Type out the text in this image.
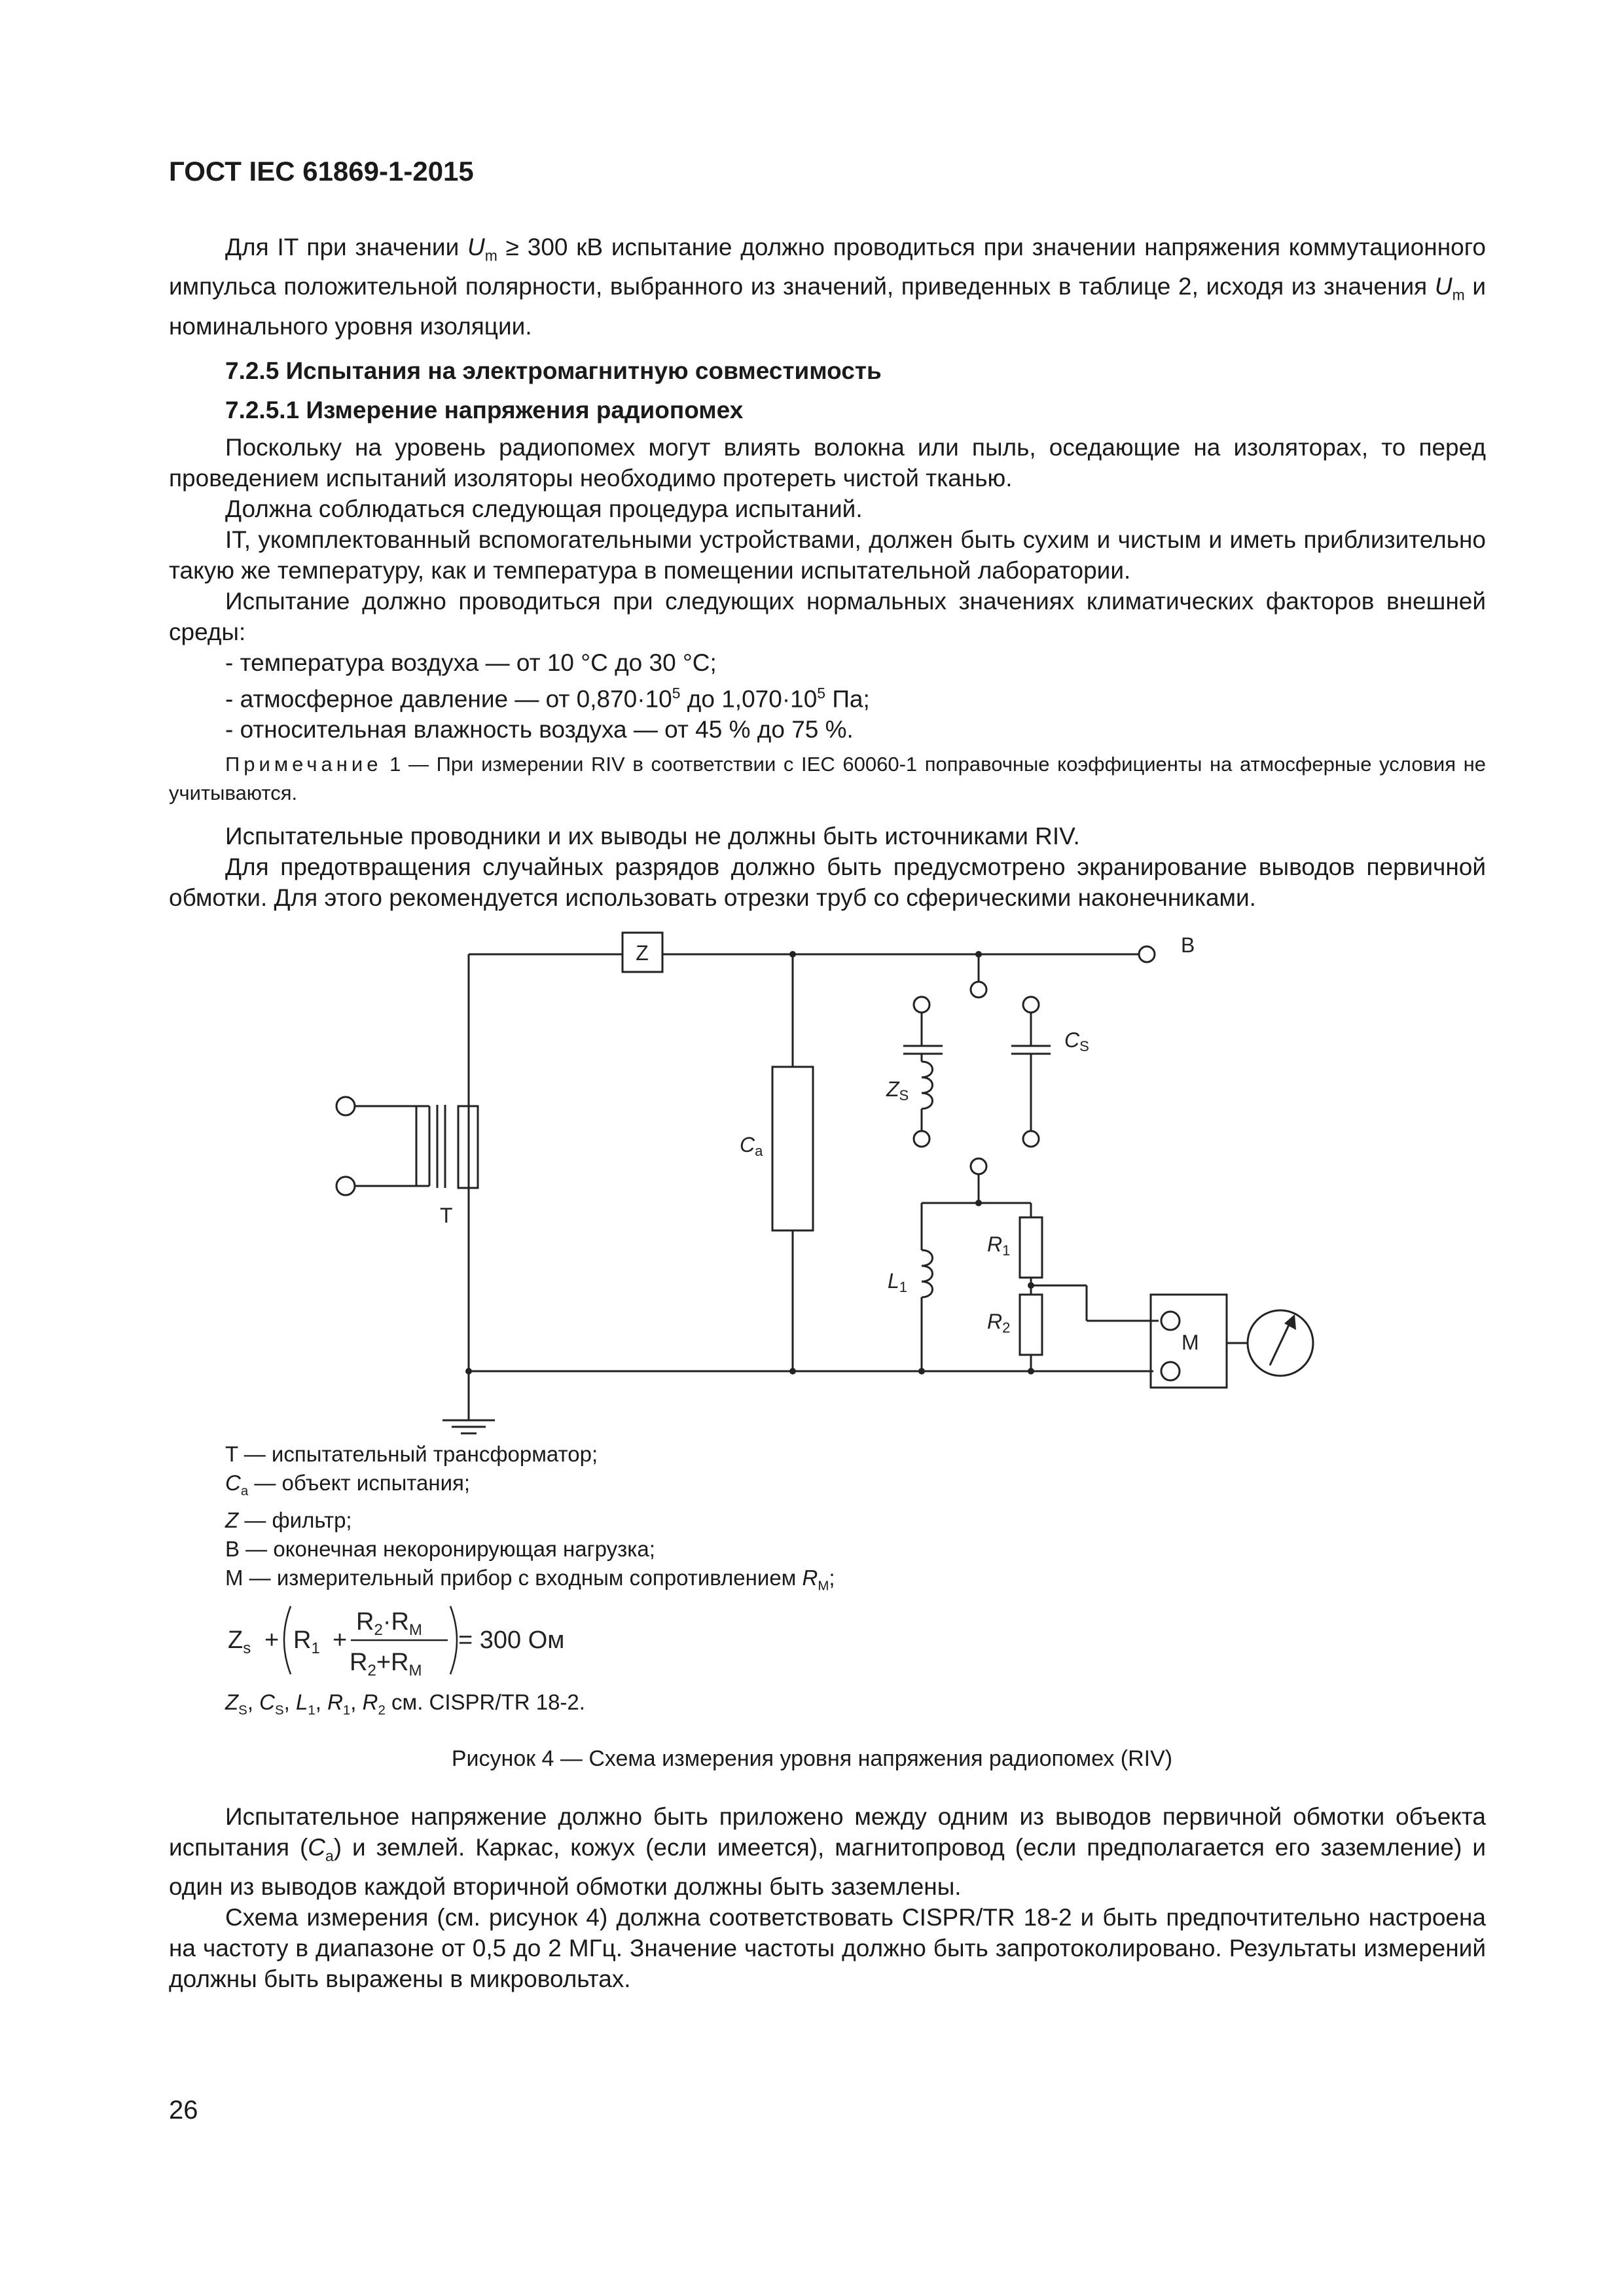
ГОСТ IEC 61869-1-2015

Для IT при значении $U_m \ge 300$ кВ испытание должно проводиться при значении напряжения коммутационного импульса положительной полярности, выбранного из значений, приведенных в таблице 2, исходя из значения $U_m$ и номинального уровня изоляции.

7.2.5 Испытания на электромагнитную совместимость
7.2.5.1 Измерение напряжения радиопомех

Поскольку на уровень радиопомех могут влиять волокна или пыль, оседающие на изоляторах, то перед проведением испытаний изоляторы необходимо протереть чистой тканью.

Должна соблюдаться следующая процедура испытаний.

IT, укомплектованный вспомогательными устройствами, должен быть сухим и чистым и иметь приблизительно такую же температуру, как и температура в помещении испытательной лаборатории.

Испытание должно проводиться при следующих нормальных значениях климатических факторов внешней среды:

- температура воздуха — от 10 °C до 30 °C;

- атмосферное давление — от $0,870\cdot 10^5$ до $1,070\cdot 10^5$ Па;

- относительная влажность воздуха — от 45 % до 75 %.

Примечание 1 — При измерении RIV в соответствии с IEC 60060-1 поправочные коэффициенты на атмосферные условия не учитываются.

Испытательные проводники и их выводы не должны быть источниками RIV.

Для предотвращения случайных разрядов должно быть предусмотрено экранирование выводов первичной обмотки. Для этого рекомендуется использовать отрезки труб со сферическими наконечниками.

Z	B
T
Ca
ZS
CS
R1
R2
L1
M
T — испытательный трансформатор;
$C_a$ — объект испытания;
Z — фильтр;
B — оконечная некоронирующая нагрузка;
M — измерительный прибор с входным сопротивлением $R_M$;
$Z_s + R_1$ +
$R_2\cdot R_M$
$R_2+R_M$
= 300 Ом
$Z_S$, $C_S$, $L_1$, $R_1$, $R_2$ см. CISPR/TR 18-2.
Рисунок 4 — Схема измерения уровня напряжения радиопомех (RIV)

Испытательное напряжение должно быть приложено между одним из выводов первичной обмотки объекта испытания $(C_a)$ и землей. Каркас, кожух (если имеется), магнитопровод (если предполагается его заземление) и один из выводов каждой вторичной обмотки должны быть заземлены.

Схема измерения (см. рисунок 4) должна соответствовать CISPR/TR 18-2 и быть предпочтительно настроена на частоту в диапазоне от 0,5 до 2 МГц. Значение частоты должно быть запротоколировано. Результаты измерений должны быть выражены в микровольтах.

26
